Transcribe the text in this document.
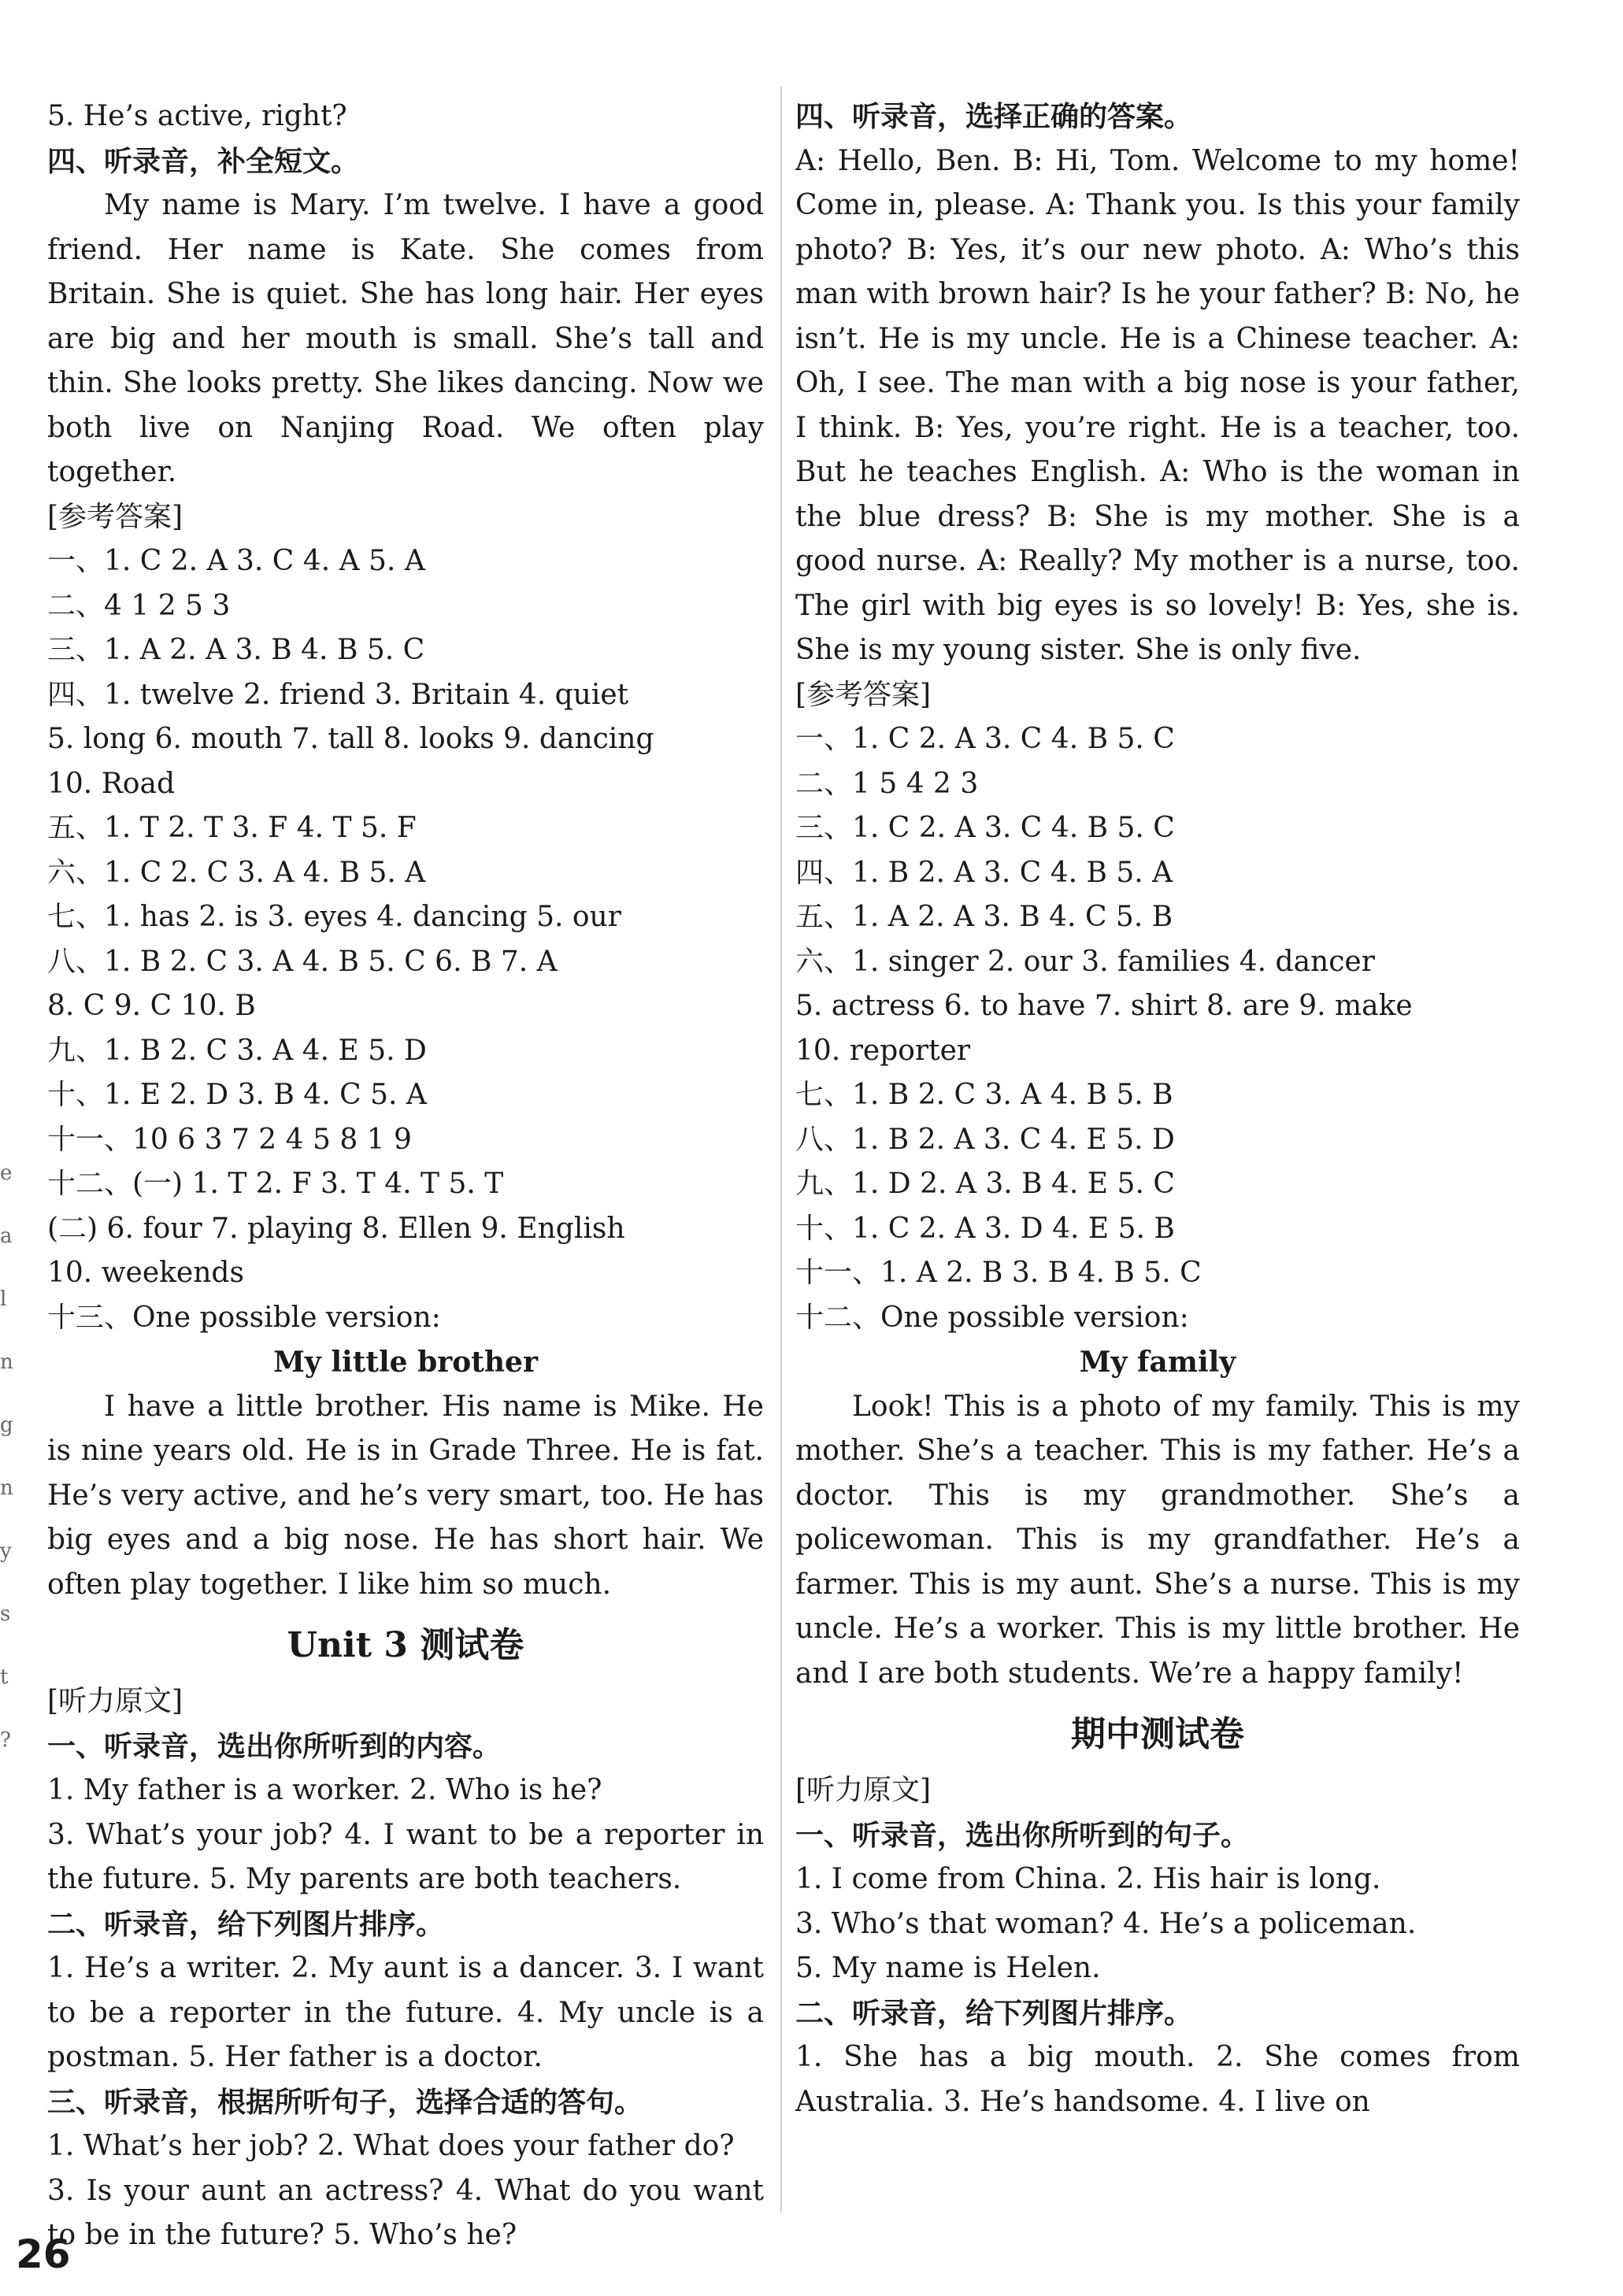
5. He’s active, right?

四、听录音，补全短文。

My name is Mary. I’m twelve. I have a good friend. Her name is Kate. She comes from Britain. She is quiet. She has long hair. Her eyes are big and her mouth is small. She’s tall and thin. She looks pretty. She likes dancing. Now we both live on Nanjing Road. We often play together.

[参考答案]

一、1. C 2. A 3. C 4. A 5. A

二、4 1 2 5 3

三、1. A 2. A 3. B 4. B 5. C

四、1. twelve 2. friend 3. Britain 4. quiet

5. long 6. mouth 7. tall 8. looks 9. dancing

10. Road

五、1. T 2. T 3. F 4. T 5. F

六、1. C 2. C 3. A 4. B 5. A

七、1. has 2. is 3. eyes 4. dancing 5. our

八、1. B 2. C 3. A 4. B 5. C 6. B 7. A

8. C 9. C 10. B

九、1. B 2. C 3. A 4. E 5. D

十、1. E 2. D 3. B 4. C 5. A

十一、10 6 3 7 2 4 5 8 1 9

十二、(一) 1. T 2. F 3. T 4. T 5. T

(二) 6. four 7. playing 8. Ellen 9. English

10. weekends

十三、One possible version:

My little brother

I have a little brother. His name is Mike. He is nine years old. He is in Grade Three. He is fat. He’s very active, and he’s very smart, too. He has big eyes and a big nose. He has short hair. We often play together. I like him so much.

Unit 3 测试卷

[听力原文]

一、听录音，选出你所听到的内容。

1. My father is a worker. 2. Who is he?

3. What’s your job? 4. I want to be a reporter in the future. 5. My parents are both teachers.

二、听录音，给下列图片排序。

1. He’s a writer. 2. My aunt is a dancer. 3. I want to be a reporter in the future. 4. My uncle is a postman. 5. Her father is a doctor.

三、听录音，根据所听句子，选择合适的答句。

1. What’s her job? 2. What does your father do?

3. Is your aunt an actress? 4. What do you want to be in the future? 5. Who’s he?

四、听录音，选择正确的答案。

A: Hello, Ben. B: Hi, Tom. Welcome to my home! Come in, please. A: Thank you. Is this your family photo? B: Yes, it’s our new photo. A: Who’s this man with brown hair? Is he your father? B: No, he isn’t. He is my uncle. He is a Chinese teacher. A: Oh, I see. The man with a big nose is your father, I think. B: Yes, you’re right. He is a teacher, too. But he teaches English. A: Who is the woman in the blue dress? B: She is my mother. She is a good nurse. A: Really? My mother is a nurse, too. The girl with big eyes is so lovely! B: Yes, she is. She is my young sister. She is only five.

[参考答案]

一、1. C 2. A 3. C 4. B 5. C

二、1 5 4 2 3

三、1. C 2. A 3. C 4. B 5. C

四、1. B 2. A 3. C 4. B 5. A

五、1. A 2. A 3. B 4. C 5. B

六、1. singer 2. our 3. families 4. dancer

5. actress 6. to have 7. shirt 8. are 9. make

10. reporter

七、1. B 2. C 3. A 4. B 5. B

八、1. B 2. A 3. C 4. E 5. D

九、1. D 2. A 3. B 4. E 5. C

十、1. C 2. A 3. D 4. E 5. B

十一、1. A 2. B 3. B 4. B 5. C

十二、One possible version:

My family

Look! This is a photo of my family. This is my mother. She’s a teacher. This is my father. He’s a doctor. This is my grandmother. She’s a policewoman. This is my grandfather. He’s a farmer. This is my aunt. She’s a nurse. This is my uncle. He’s a worker. This is my little brother. He and I are both students. We’re a happy family!

期中测试卷

[听力原文]

一、听录音，选出你所听到的句子。

1. I come from China. 2. His hair is long.

3. Who’s that woman? 4. He’s a policeman.

5. My name is Helen.

二、听录音，给下列图片排序。

1. She has a big mouth. 2. She comes from Australia. 3. He’s handsome. 4. I live on

e
a
l
n
g
n
y
s
t
?
26
